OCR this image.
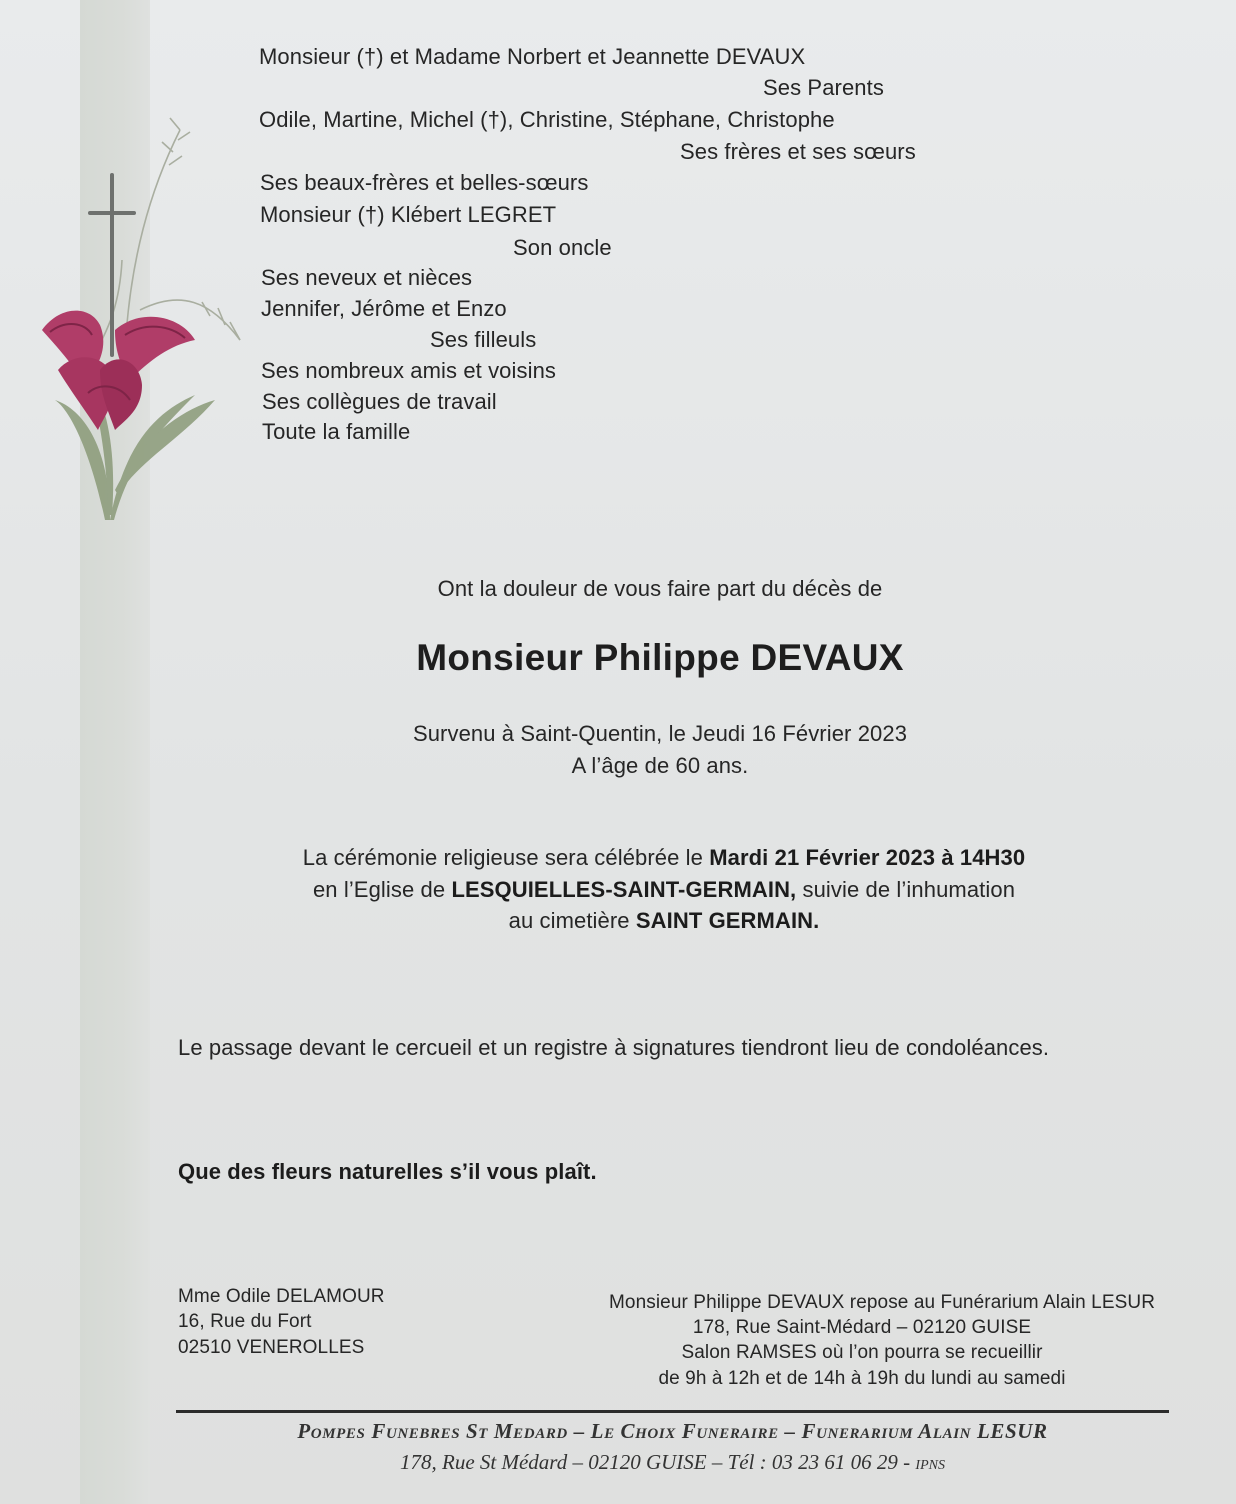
Monsieur (†) et Madame Norbert et Jeannette DEVAUX
Ses Parents
Odile, Martine, Michel (†), Christine, Stéphane, Christophe
Ses frères et ses sœurs
Ses beaux-frères et belles-sœurs
Monsieur (†) Klébert LEGRET
Son oncle
Ses neveux et nièces
Jennifer, Jérôme et Enzo
Ses filleuls
Ses nombreux amis et voisins
Ses collègues de travail
Toute la famille
Ont la douleur de vous faire part du décès de
Monsieur Philippe DEVAUX
Survenu à Saint-Quentin, le Jeudi 16 Février 2023
A l’âge de 60 ans.
La cérémonie religieuse sera célébrée le Mardi 21 Février 2023 à 14H30
en l’Eglise de LESQUIELLES-SAINT-GERMAIN, suivie de l’inhumation
au cimetière SAINT GERMAIN.
Le passage devant le cercueil et un registre à signatures tiendront lieu de condoléances.
Que des fleurs naturelles s’il vous plaît.
Mme Odile DELAMOUR
16, Rue du Fort
02510 VENEROLLES
Monsieur Philippe DEVAUX repose au Funérarium Alain LESUR
178, Rue Saint-Médard – 02120 GUISE
Salon RAMSES où l’on pourra se recueillir
de 9h à 12h et de 14h à 19h du lundi au samedi
Pompes Funebres St Medard – Le Choix Funeraire – Funerarium Alain LESUR
178, Rue St Médard – 02120 GUISE – Tél : 03 23 61 06 29 - IPNS
